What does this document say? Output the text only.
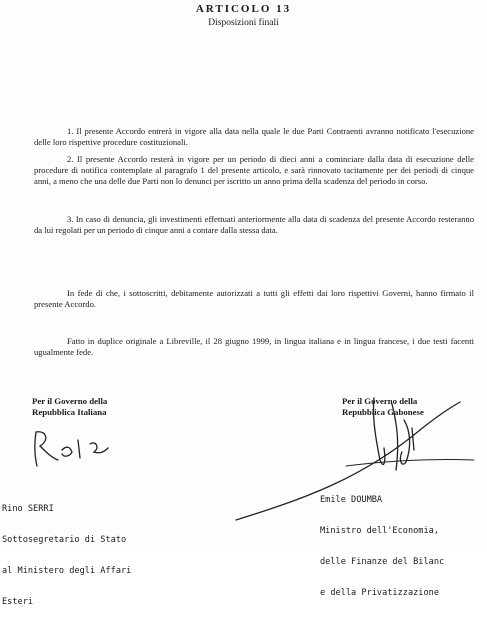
ARTICOLO 13
Disposizioni finali

1. Il presente Accordo entrerà in vigore alla data nella quale le due Parti Contraenti avranno notificato l'esecuzione delle loro rispettive procedure costituzionali.

2. Il presente Accordo resterà in vigore per un periodo di dieci anni a cominciare dalla data di esecuzione delle procedure di notifica contemplate al paragrafo 1 del presente articolo, e sarà rinnovato tacitamente per dei periodi di cinque anni, a meno che una delle due Parti non lo denunci per iscritto un anno prima della scadenza del periodo in corso.

3. In caso di denuncia, gli investimenti effettuati anteriormente alla data di scadenza del presente Accordo resteranno da lui regolati per un periodo di cinque anni a contare dalla stessa data.

In fede di che, i sottoscritti, debitamente autorizzati a tutti gli effetti dai loro rispettivi Governi, hanno firmato il presente Accordo.

Fatto in duplice originale a Libreville, il 28 giugno 1999, in lingua italiana e in lingua francese, i due testi facenti ugualmente fede.

Per il Governo della
Repubblica Italiana
Per il Governo della
Repubblica Gabonese

Rino SERRI

Sottosegretario di Stato

al Ministero degli Affari

Esteri

Emile DOUMBA

Ministro dell'Economia,

delle Finanze del Bilanc

e della Privatizzazione
